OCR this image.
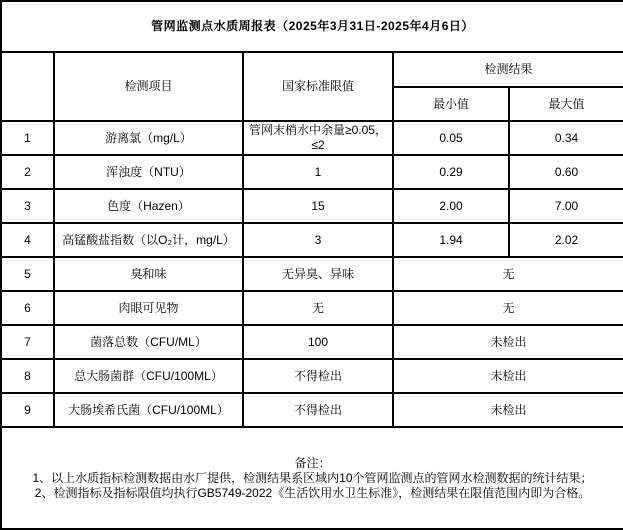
管网监测点水质周报表（2025年3月31日-2025年4月6日）				
	检测项目	国家标准限值	检测结果	
			最小值	最大值
1	游离氯（mg/L）	管网末梢水中余量≥0.05，≤2	0.05	0.34
2	浑浊度（NTU）	1	0.29	0.60
3	色度（Hazen）	15	2.00	7.00
4	高锰酸盐指数（以O₂计，mg/L）	3	1.94	2.02
5	臭和味	无异臭、异味	无	
6	肉眼可见物	无	无	
7	菌落总数（CFU/ML）	100	未检出	
8	总大肠菌群（CFU/100ML）	不得检出	未检出	
9	大肠埃希氏菌（CFU/100ML）	不得检出	未检出	

备注：
1、以上水质指标检测数据由水厂提供，检测结果系区域内10个管网监测点的管网水检测数据的统计结果；
2、检测指标及指标限值均执行GB5749-2022《生活饮用水卫生标准》，检测结果在限值范围内即为合格。				
